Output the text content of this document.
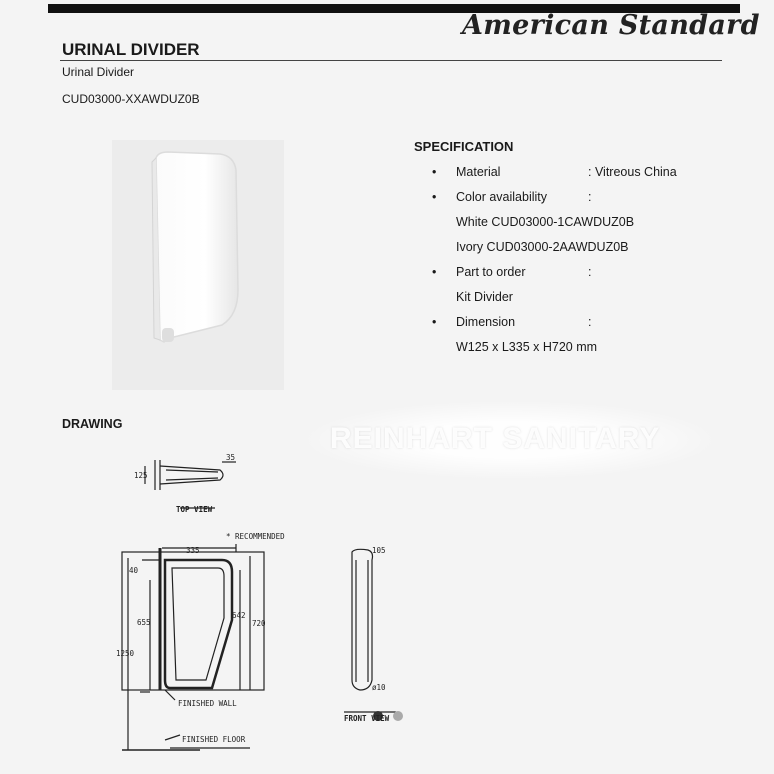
American Standard
URINAL DIVIDER
Urinal Divider
CUD03000-XXAWDUZ0B
SPECIFICATION
• Material	: Vitreous China
• Color availability	:
White CUD03000-1CAWDUZ0B
Ivory CUD03000-2AAWDUZ0B
• Part to order	:
Kit Divider
• Dimension	:
W125 x L335 x H720 mm
DRAWING	REINHART SANITARY
125
35
TOP VIEW
* RECOMMENDED
335
40
655
642
720
1250
FINISHED WALL
FINISHED FLOOR
105
ø10
FRONT VIEW
